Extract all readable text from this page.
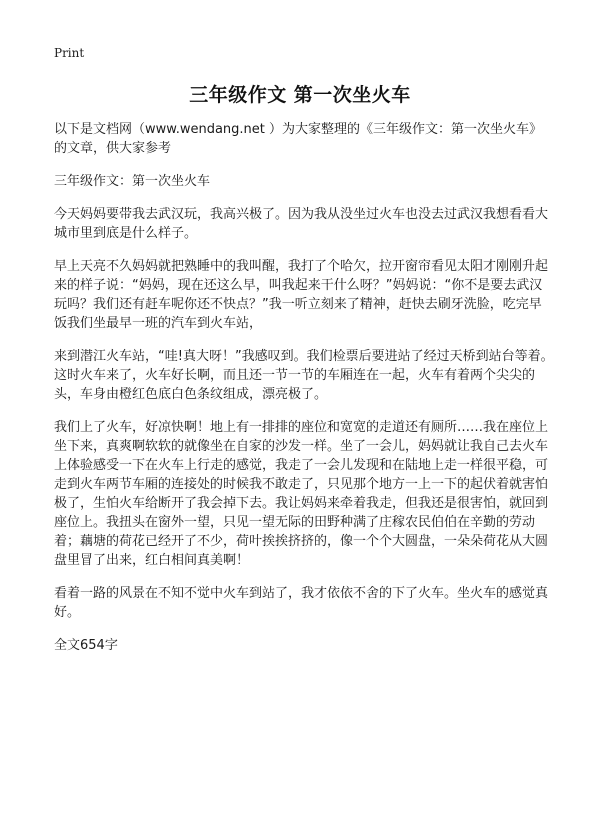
Print
三年级作文 第一次坐火车

以下是文档网（www.wendang.net ）为大家整理的《三年级作文：第一次坐火车》的文章，供大家参考

三年级作文：第一次坐火车

今天妈妈要带我去武汉玩，我高兴极了。因为我从没坐过火车也没去过武汉我想看看大城市里到底是什么样子。

早上天亮不久妈妈就把熟睡中的我叫醒，我打了个哈欠，拉开窗帘看见太阳才刚刚升起来的样子说：“妈妈，现在还这么早，叫我起来干什么呀？”妈妈说：“你不是要去武汉玩吗？我们还有赶车呢你还不快点？”我一听立刻来了精神，赶快去刷牙洗脸，吃完早饭我们坐最早一班的汽车到火车站，

来到潜江火车站，“哇!真大呀！”我感叹到。我们检票后要进站了经过天桥到站台等着。这时火车来了，火车好长啊，而且还一节一节的车厢连在一起，火车有着两个尖尖的头，车身由橙红色底白色条纹组成，漂亮极了。

我们上了火车，好凉快啊！地上有一排排的座位和宽宽的走道还有厕所……我在座位上坐下来，真爽啊软软的就像坐在自家的沙发一样。坐了一会儿，妈妈就让我自己去火车上体验感受一下在火车上行走的感觉，我走了一会儿发现和在陆地上走一样很平稳，可走到火车两节车厢的连接处的时候我不敢走了，只见那个地方一上一下的起伏着就害怕极了，生怕火车给断开了我会掉下去。我让妈妈来牵着我走，但我还是很害怕，就回到座位上。我扭头在窗外一望，只见一望无际的田野种满了庄稼农民伯伯在辛勤的劳动着；藕塘的荷花已经开了不少，荷叶挨挨挤挤的，像一个个大圆盘，一朵朵荷花从大圆盘里冒了出来，红白相间真美啊！

看着一路的风景在不知不觉中火车到站了，我才依依不舍的下了火车。坐火车的感觉真好。

全文654字
